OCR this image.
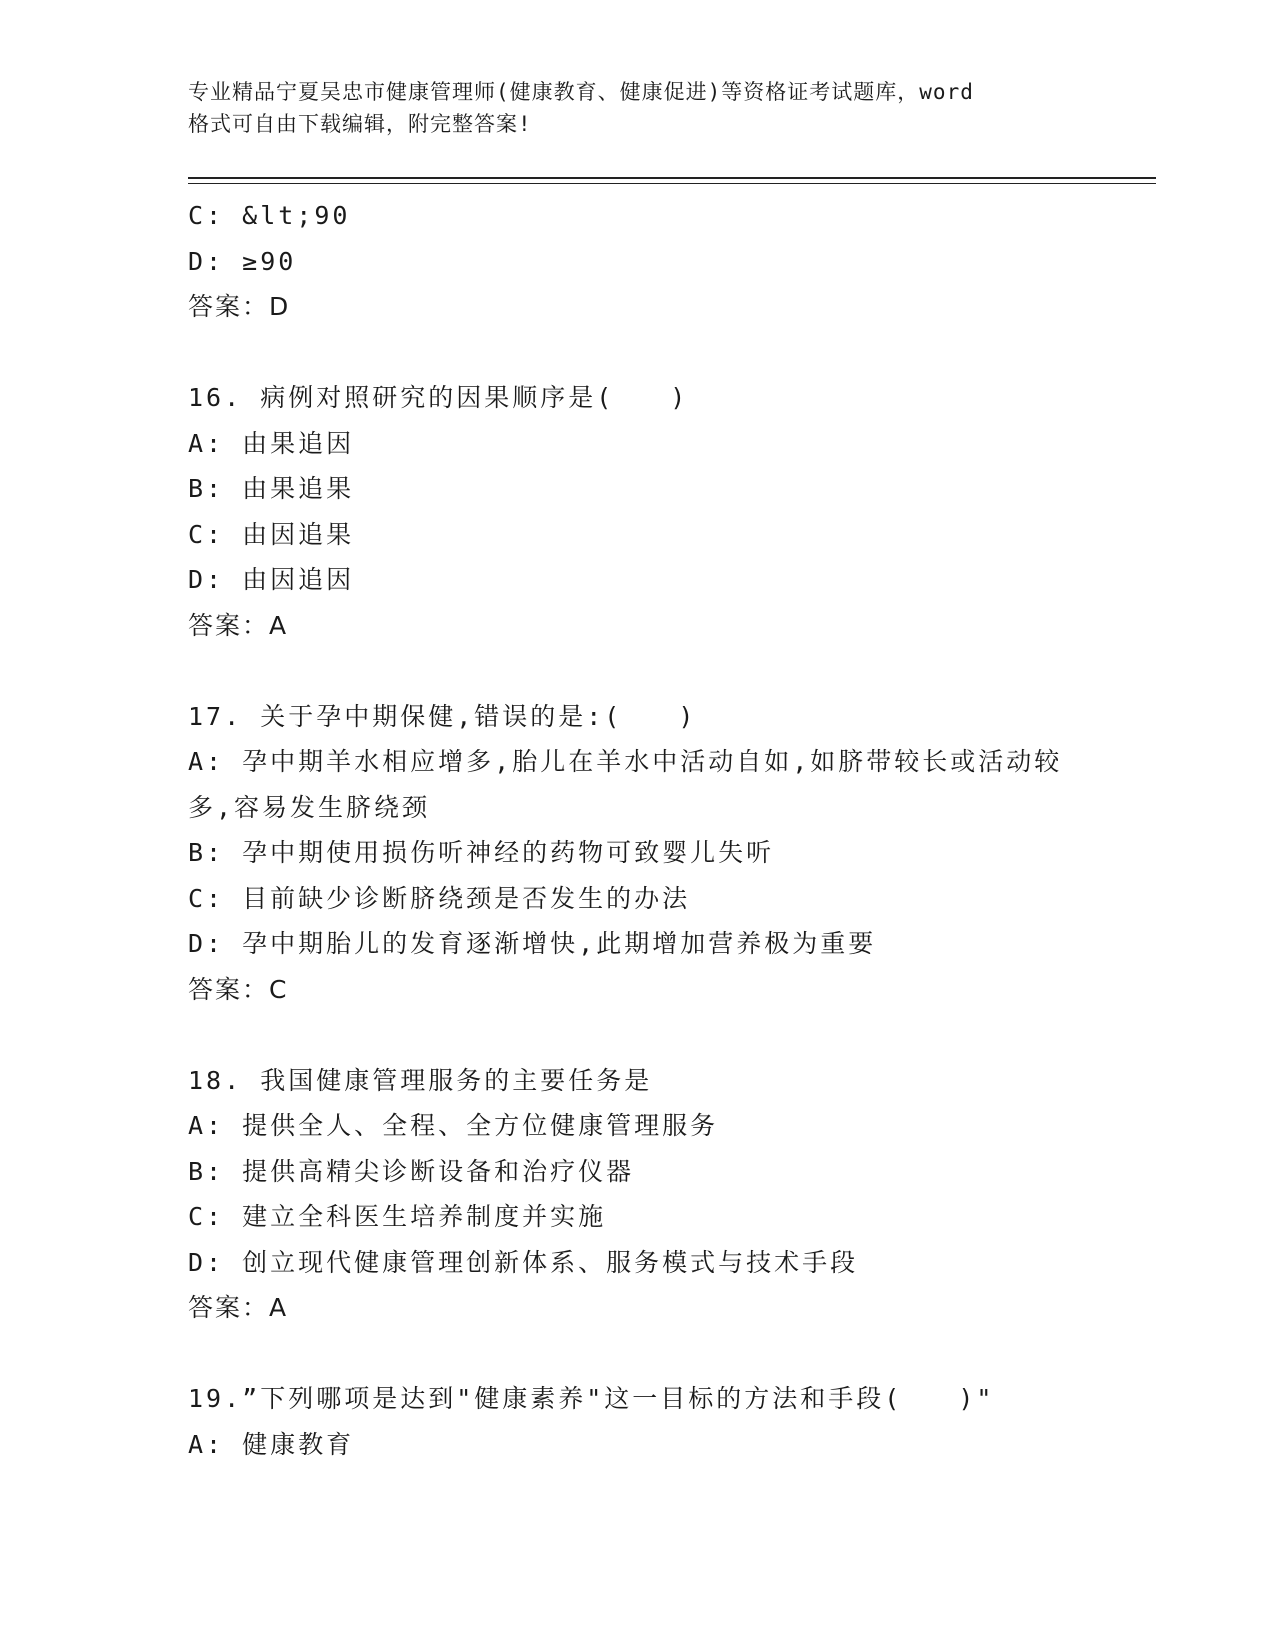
专业精品宁夏吴忠市健康管理师(健康教育、健康促进)等资格证考试题库，word
格式可自由下载编辑，附完整答案!
C: &lt;90
D: ≥90
答案：D
16. 病例对照研究的因果顺序是(　　)
A: 由果追因
B: 由果追果
C: 由因追果
D: 由因追因
答案：A
17. 关于孕中期保健,错误的是:(　　)
A: 孕中期羊水相应增多,胎儿在羊水中活动自如,如脐带较长或活动较
多,容易发生脐绕颈
B: 孕中期使用损伤听神经的药物可致婴儿失听
C: 目前缺少诊断脐绕颈是否发生的办法
D: 孕中期胎儿的发育逐渐增快,此期增加营养极为重要
答案：C
18. 我国健康管理服务的主要任务是
A: 提供全人、全程、全方位健康管理服务
B: 提供高精尖诊断设备和治疗仪器
C: 建立全科医生培养制度并实施
D: 创立现代健康管理创新体系、服务模式与技术手段
答案：A
19.”下列哪项是达到"健康素养"这一目标的方法和手段(　　)"
A: 健康教育
